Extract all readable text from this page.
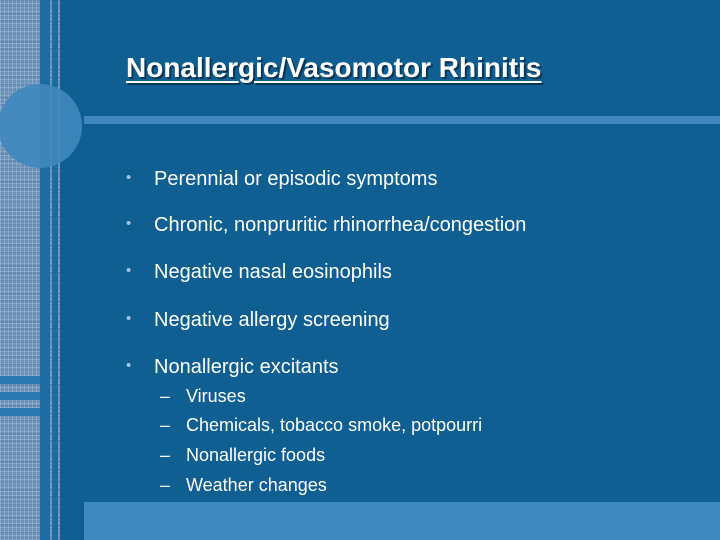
Nonallergic/Vasomotor Rhinitis
• Perennial or episodic symptoms
• Chronic, nonpruritic rhinorrhea/congestion
• Negative nasal eosinophils
• Negative allergy screening
• Nonallergic excitants
– Viruses
– Chemicals, tobacco smoke, potpourri
– Nonallergic foods
– Weather changes
